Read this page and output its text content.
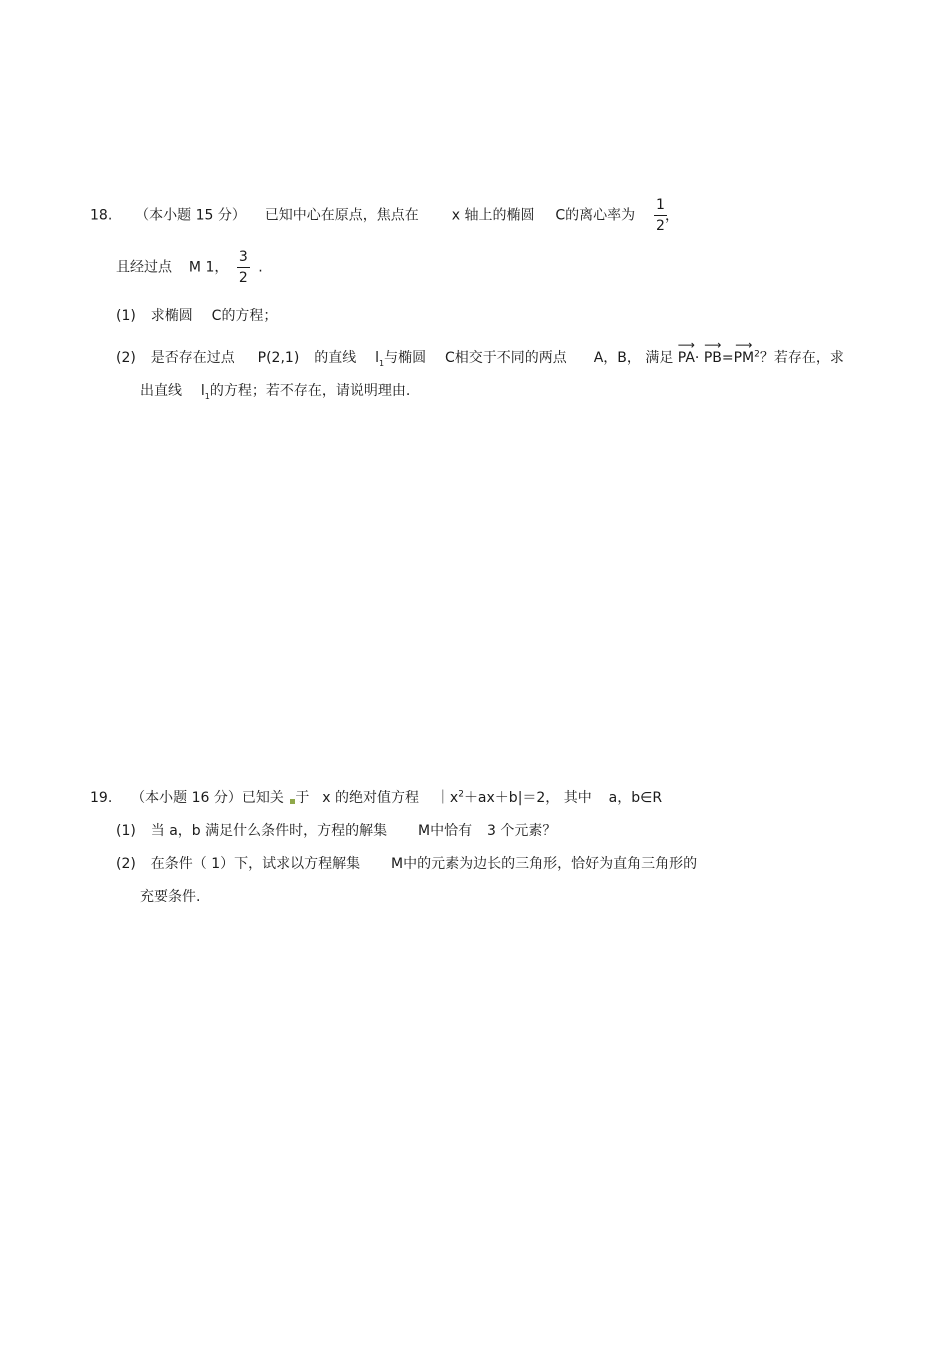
18. （本小题 15 分） 已知中心在原点，焦点在 x 轴上的椭圆 C的离心率为 $\frac{1}{2}$
，
且经过点 M 1， $\frac{3}{2}$ .
(1) 求椭圆 C的方程；
(2) 是否存在过点 P(2,1) 的直线 $l_1$与椭圆 C相交于不同的两点 A，B， 满足 ⟶ PA· ⟶ PB=⟶ $PM^2$？若存在，求
出直线 $l_1$的方程；若不存在，请说明理由.
19. （本小题 16 分）已知关 于 x 的绝对值方程 $|x^2+ax+b|=2$， 其中 a，b∈R
(1) 当 a，b 满足什么条件时，方程的解集 M中恰有 3 个元素？
(2) 在条件（ 1）下，试求以方程解集 M中的元素为边长的三角形，恰好为直角三角形的
充要条件.
